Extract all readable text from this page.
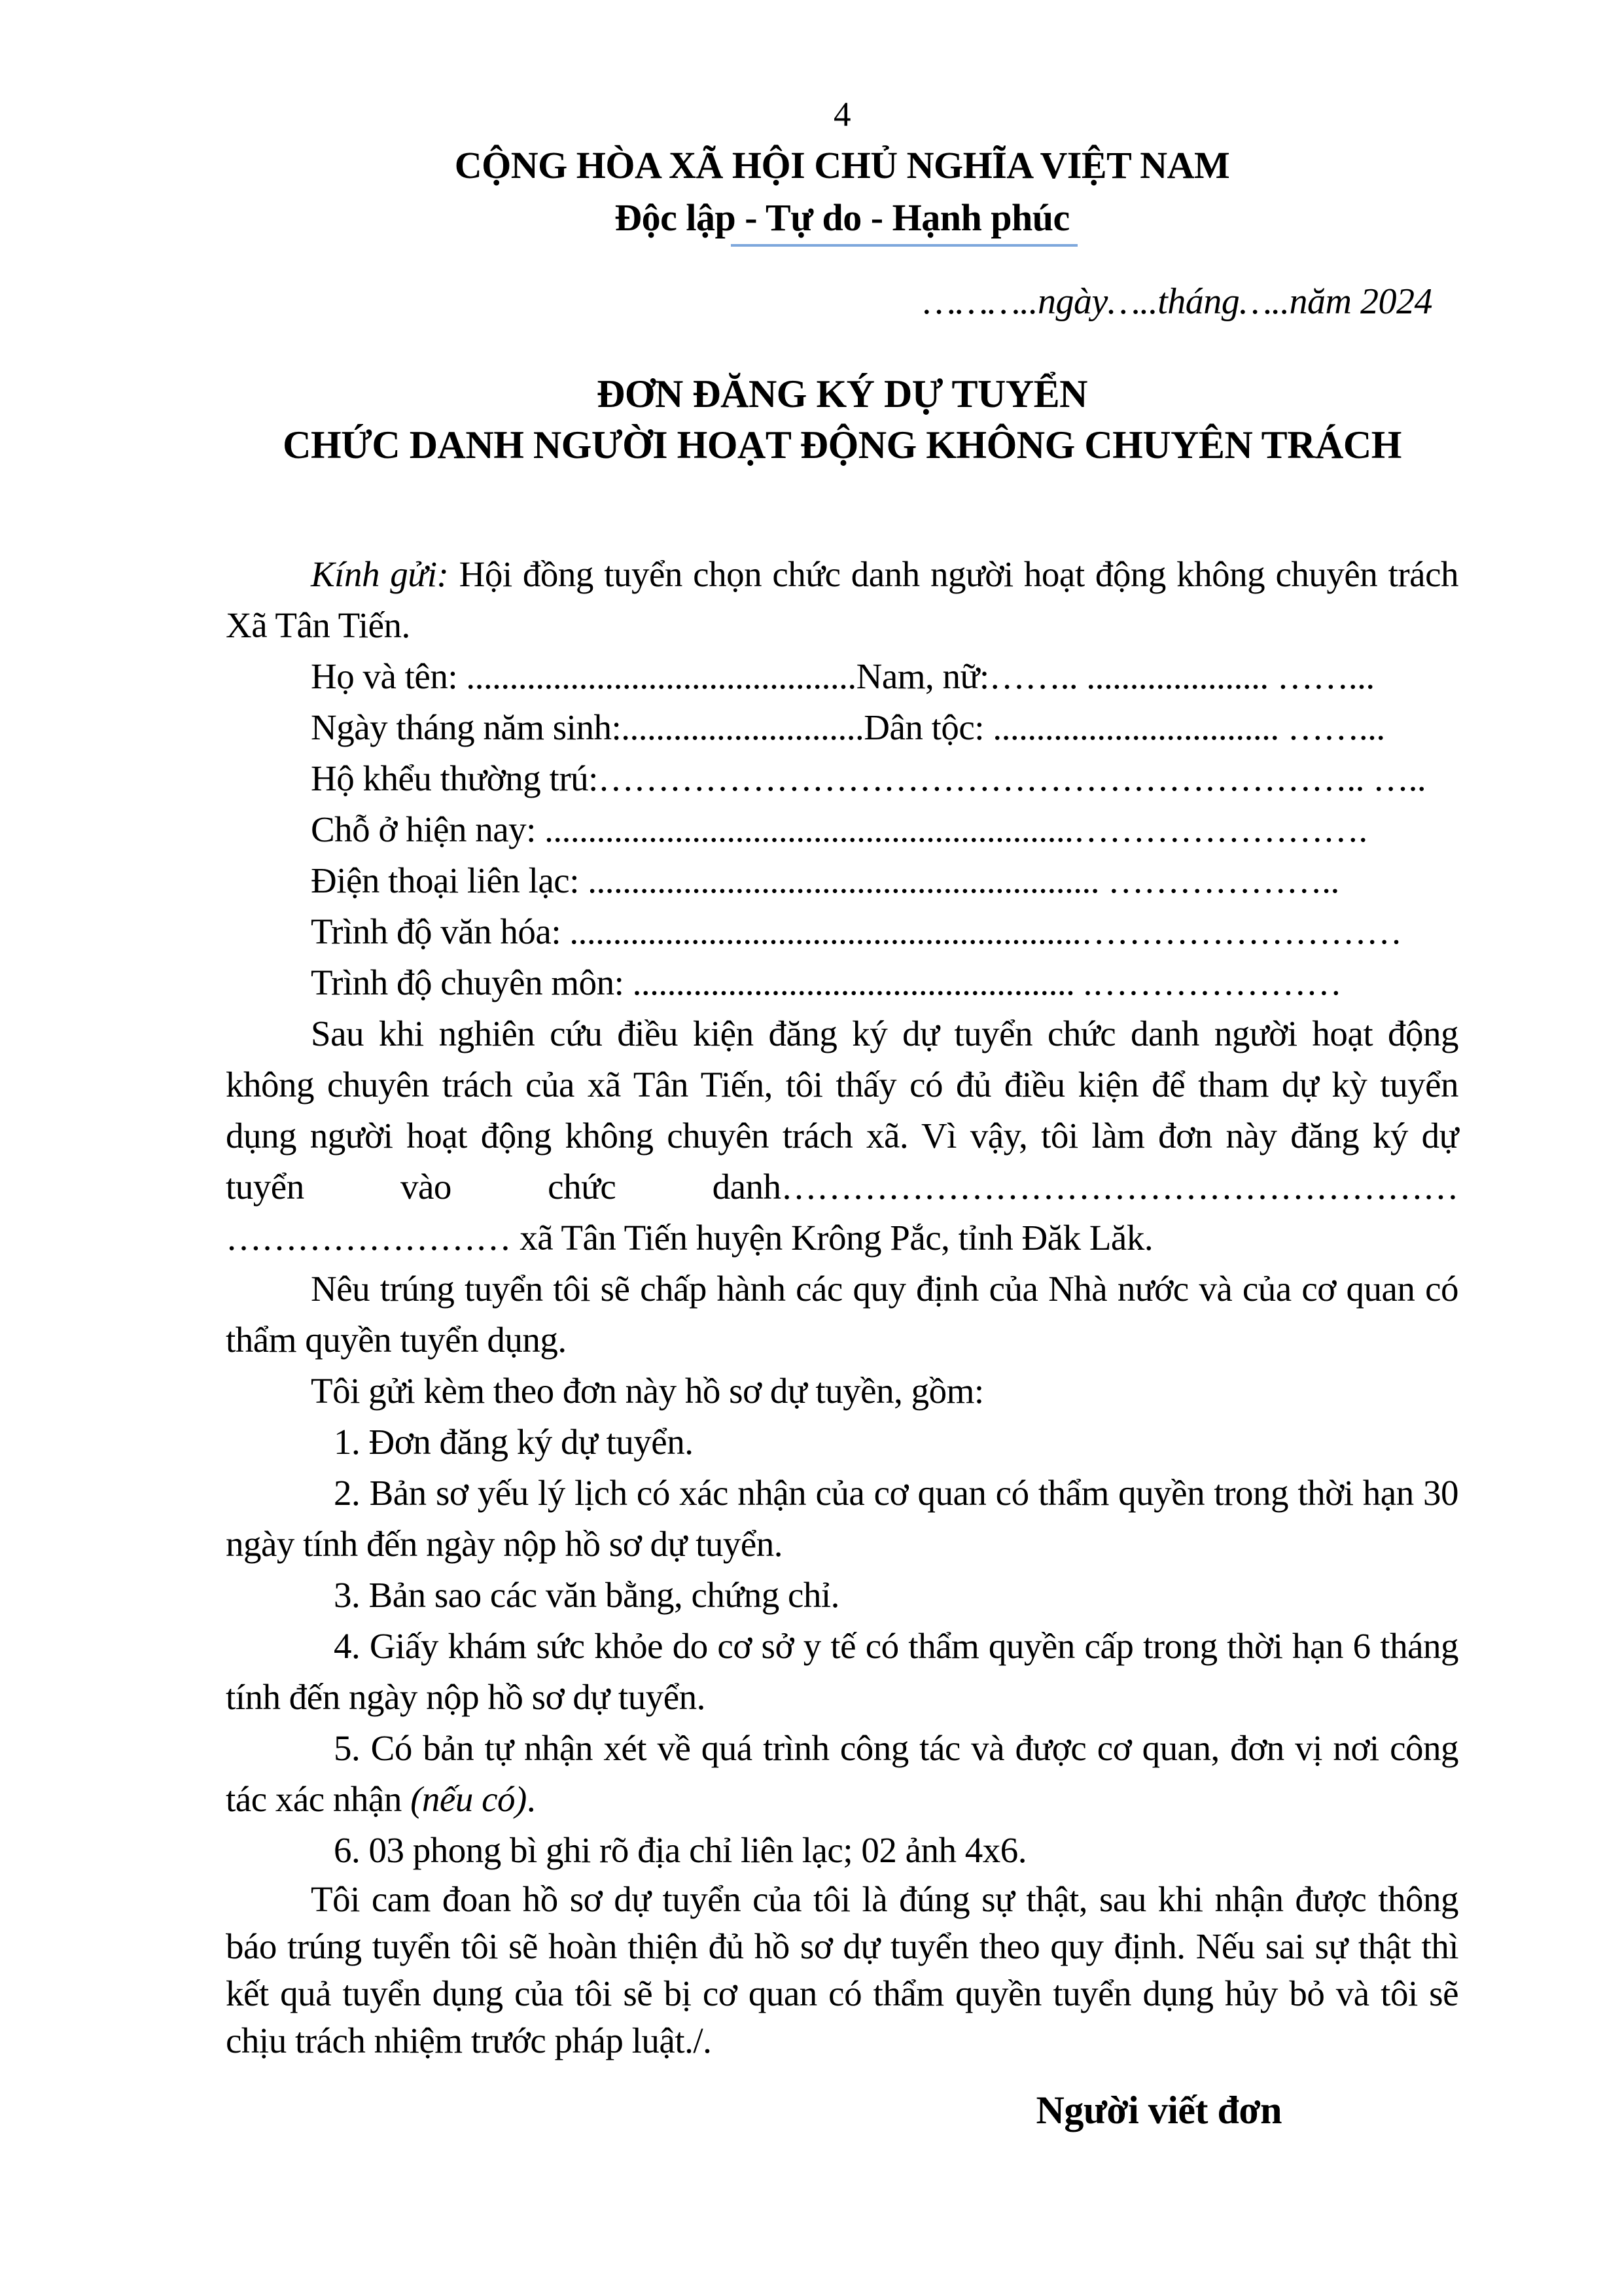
4
CỘNG HÒA XÃ HỘI CHỦ NGHĨA VIỆT NAM
Độc lập - Tự do - Hạnh phúc
………..ngày…..tháng…..năm 2024
ĐƠN ĐĂNG KÝ DỰ TUYỂN
CHỨC DANH NGƯỜI HOẠT ĐỘNG KHÔNG CHUYÊN TRÁCH

Kính gửi: Hội đồng tuyển chọn chức danh người hoạt động không chuyên trách Xã Tân Tiến.

Họ và tên: .............................................Nam, nữ:…….. ..................... ……...

Ngày tháng năm sinh:............................Dân tộc: ................................. ……...

Hộ khểu thường trú:……………………………………………………….. …..

Chỗ ở hiện nay: .............................................................…………………….

Điện thoại liên lạc: ........................................................... ………………..

Trình độ văn hóa: ...........................................................………………………

Trình độ chuyên môn: ................................................... .…………………

Sau khi nghiên cứu điều kiện đăng ký dự tuyển chức danh người hoạt động không chuyên trách của xã Tân Tiến, tôi thấy có đủ điều kiện để tham dự kỳ tuyển dụng người hoạt động không chuyên trách xã. Vì vậy, tôi làm đơn này đăng ký dự tuyển vào chức danh………………………………………………… …………………… xã Tân Tiến huyện Krông Pắc, tỉnh Đăk Lăk.

Nêu trúng tuyển tôi sẽ chấp hành các quy định của Nhà nước và của cơ quan có thẩm quyền tuyển dụng.

Tôi gửi kèm theo đơn này hồ sơ dự tuyền, gồm:

1. Đơn đăng ký dự tuyển.

2. Bản sơ yếu lý lịch có xác nhận của cơ quan có thẩm quyền trong thời hạn 30 ngày tính đến ngày nộp hồ sơ dự tuyển.

3. Bản sao các văn bằng, chứng chỉ.

4. Giấy khám sức khỏe do cơ sở y tế có thẩm quyền cấp trong thời hạn 6 tháng tính đến ngày nộp hồ sơ dự tuyển.

5. Có bản tự nhận xét về quá trình công tác và được cơ quan, đơn vị nơi công tác xác nhận (nếu có).

6. 03 phong bì ghi rõ địa chỉ liên lạc; 02 ảnh 4x6.

Tôi cam đoan hồ sơ dự tuyển của tôi là đúng sự thật, sau khi nhận được thông báo trúng tuyển tôi sẽ hoàn thiện đủ hồ sơ dự tuyển theo quy định. Nếu sai sự thật thì kết quả tuyển dụng của tôi sẽ bị cơ quan có thẩm quyền tuyển dụng hủy bỏ và tôi sẽ chịu trách nhiệm trước pháp luật./.

Người viết đơn
